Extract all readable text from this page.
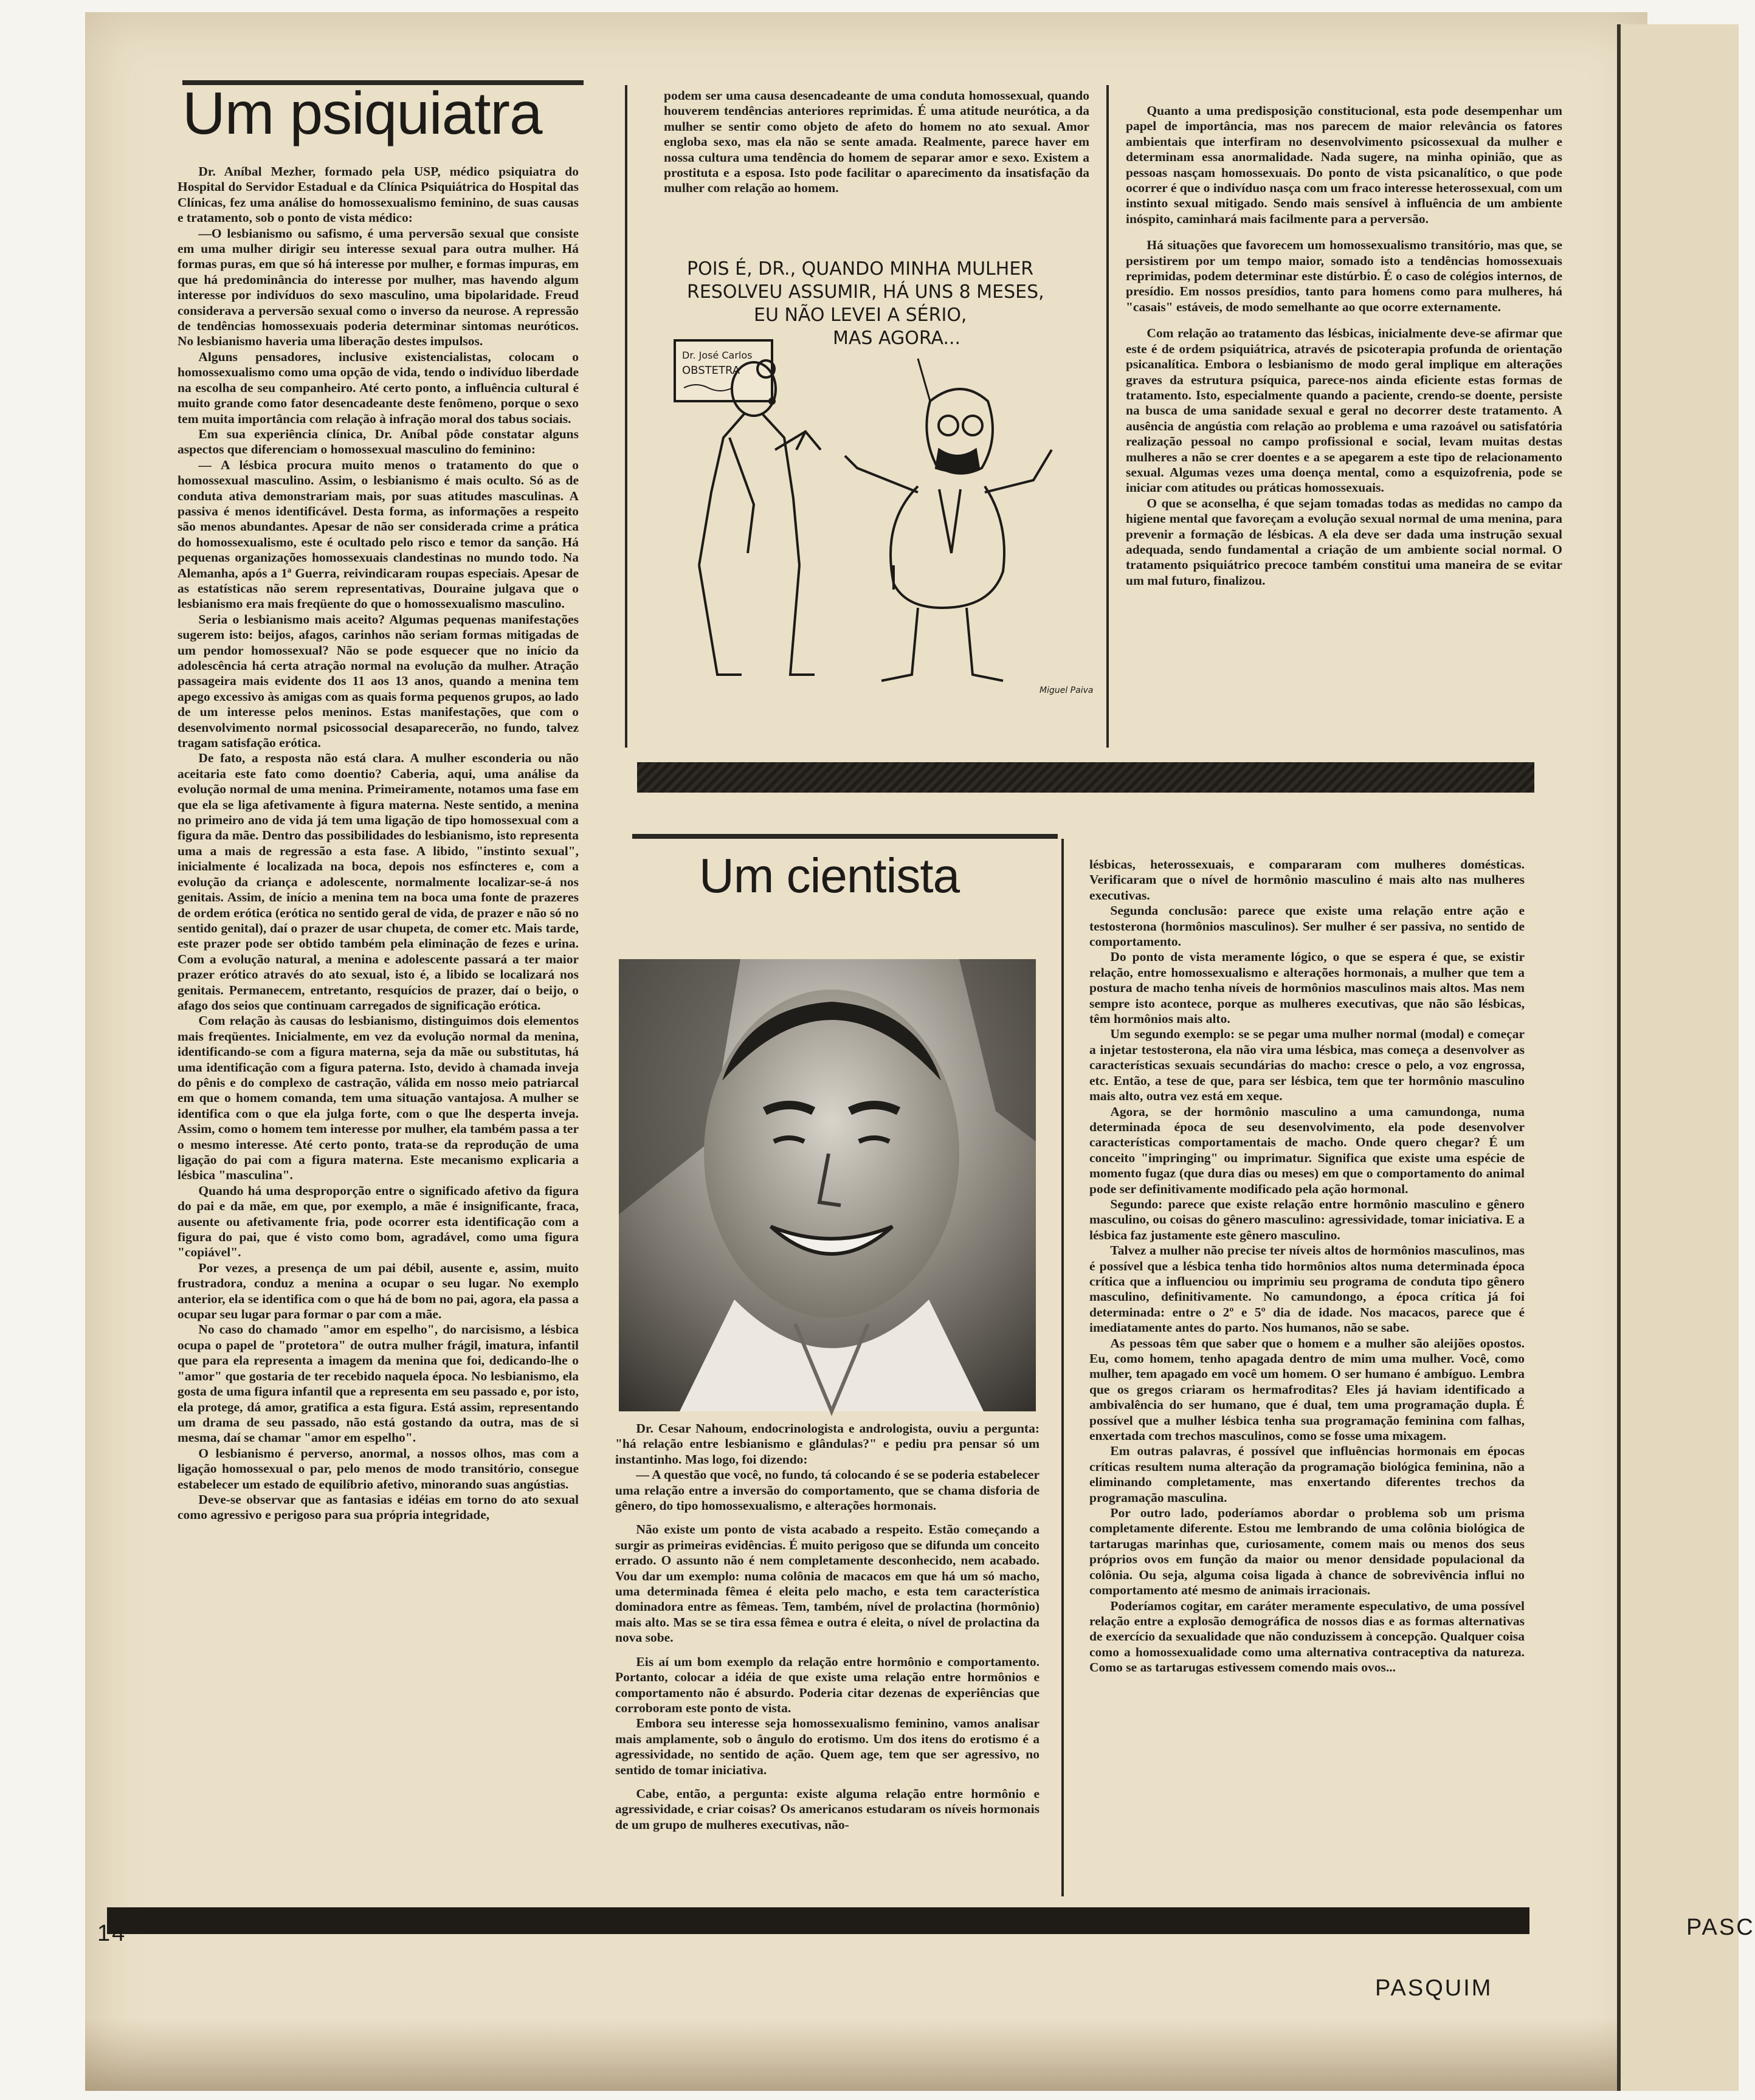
Um psiquiatra

Dr. Aníbal Mezher, formado pela USP, médico psiquiatra do Hospital do Servidor Estadual e da Clínica Psiquiátrica do Hospital das Clínicas, fez uma análise do homossexualismo feminino, de suas causas e tratamento, sob o ponto de vista médico:

—O lesbianismo ou safismo, é uma perversão sexual que consiste em uma mulher dirigir seu interesse sexual para outra mulher. Há formas puras, em que só há interesse por mulher, e formas impuras, em que há predominância do interesse por mulher, mas havendo algum interesse por indivíduos do sexo masculino, uma bipolaridade. Freud considerava a perversão sexual como o inverso da neurose. A repressão de tendências homossexuais poderia determinar sintomas neuróticos. No lesbianismo haveria uma liberação destes impulsos.

Alguns pensadores, inclusive existencialistas, colocam o homossexualismo como uma opção de vida, tendo o indivíduo liberdade na escolha de seu companheiro. Até certo ponto, a influência cultural é muito grande como fator desencadeante deste fenômeno, porque o sexo tem muita importância com relação à infração moral dos tabus sociais.

Em sua experiência clínica, Dr. Aníbal pôde constatar alguns aspectos que diferenciam o homossexual masculino do feminino:

— A lésbica procura muito menos o tratamento do que o homossexual masculino. Assim, o lesbianismo é mais oculto. Só as de conduta ativa demonstrariam mais, por suas atitudes masculinas. A passiva é menos identificável. Desta forma, as informações a respeito são menos abundantes. Apesar de não ser considerada crime a prática do homossexualismo, este é ocultado pelo risco e temor da sanção. Há pequenas organizações homossexuais clandestinas no mundo todo. Na Alemanha, após a 1ª Guerra, reivindicaram roupas especiais. Apesar de as estatísticas não serem representativas, Douraine julgava que o lesbianismo era mais freqüente do que o homossexualismo masculino.

Seria o lesbianismo mais aceito? Algumas pequenas manifestações sugerem isto: beijos, afagos, carinhos não seriam formas mitigadas de um pendor homossexual? Não se pode esquecer que no início da adolescência há certa atração normal na evolução da mulher. Atração passageira mais evidente dos 11 aos 13 anos, quando a menina tem apego excessivo às amigas com as quais forma pequenos grupos, ao lado de um interesse pelos meninos. Estas manifestações, que com o desenvolvimento normal psicossocial desaparecerão, no fundo, talvez tragam satisfação erótica.

De fato, a resposta não está clara. A mulher esconderia ou não aceitaria este fato como doentio? Caberia, aqui, uma análise da evolução normal de uma menina. Primeiramente, notamos uma fase em que ela se liga afetivamente à figura materna. Neste sentido, a menina no primeiro ano de vida já tem uma ligação de tipo homossexual com a figura da mãe. Dentro das possibilidades do lesbianismo, isto representa uma a mais de regressão a esta fase. A libido, "instinto sexual", inicialmente é localizada na boca, depois nos esfíncteres e, com a evolução da criança e adolescente, normalmente localizar-se-á nos genitais. Assim, de início a menina tem na boca uma fonte de prazeres de ordem erótica (erótica no sentido geral de vida, de prazer e não só no sentido genital), daí o prazer de usar chupeta, de comer etc. Mais tarde, este prazer pode ser obtido também pela eliminação de fezes e urina. Com a evolução natural, a menina e adolescente passará a ter maior prazer erótico através do ato sexual, isto é, a libido se localizará nos genitais. Permanecem, entretanto, resquícios de prazer, daí o beijo, o afago dos seios que continuam carregados de significação erótica.

Com relação às causas do lesbianismo, distinguimos dois elementos mais freqüentes. Inicialmente, em vez da evolução normal da menina, identificando-se com a figura materna, seja da mãe ou substitutas, há uma identificação com a figura paterna. Isto, devido à chamada inveja do pênis e do complexo de castração, válida em nosso meio patriarcal em que o homem comanda, tem uma situação vantajosa. A mulher se identifica com o que ela julga forte, com o que lhe desperta inveja. Assim, como o homem tem interesse por mulher, ela também passa a ter o mesmo interesse. Até certo ponto, trata-se da reprodução de uma ligação do pai com a figura materna. Este mecanismo explicaria a lésbica "masculina".

Quando há uma desproporção entre o significado afetivo da figura do pai e da mãe, em que, por exemplo, a mãe é insignificante, fraca, ausente ou afetivamente fria, pode ocorrer esta identificação com a figura do pai, que é visto como bom, agradável, como uma figura "copiável".

Por vezes, a presença de um pai débil, ausente e, assim, muito frustradora, conduz a menina a ocupar o seu lugar. No exemplo anterior, ela se identifica com o que há de bom no pai, agora, ela passa a ocupar seu lugar para formar o par com a mãe.

No caso do chamado "amor em espelho", do narcisismo, a lésbica ocupa o papel de "protetora" de outra mulher frágil, imatura, infantil que para ela representa a imagem da menina que foi, dedicando-lhe o "amor" que gostaria de ter recebido naquela época. No lesbianismo, ela gosta de uma figura infantil que a representa em seu passado e, por isto, ela protege, dá amor, gratifica a esta figura. Está assim, representando um drama de seu passado, não está gostando da outra, mas de si mesma, daí se chamar "amor em espelho".

O lesbianismo é perverso, anormal, a nossos olhos, mas com a ligação homossexual o par, pelo menos de modo transitório, consegue estabelecer um estado de equilíbrio afetivo, minorando suas angústias.

Deve-se observar que as fantasias e idéias em torno do ato sexual como agressivo e perigoso para sua própria integridade,

podem ser uma causa desencadeante de uma conduta homossexual, quando houverem tendências anteriores reprimidas. É uma atitude neurótica, a da mulher se sentir como objeto de afeto do homem no ato sexual. Amor engloba sexo, mas ela não se sente amada. Realmente, parece haver em nossa cultura uma tendência do homem de separar amor e sexo. Existem a prostituta e a esposa. Isto pode facilitar o aparecimento da insatisfação da mulher com relação ao homem.

POIS É, DR., QUANDO MINHA MULHER
RESOLVEU ASSUMIR, HÁ UNS 8 MESES,
EU NÃO LEVEI A SÉRIO,
MAS AGORA...
Dr. José Carlos
OBSTETRA
Miguel Paiva

Quanto a uma predisposição constitucional, esta pode desempenhar um papel de importância, mas nos parecem de maior relevância os fatores ambientais que interfiram no desenvolvimento psicossexual da mulher e determinam essa anormalidade. Nada sugere, na minha opinião, que as pessoas nasçam homossexuais. Do ponto de vista psicanalítico, o que pode ocorrer é que o indivíduo nasça com um fraco interesse heterossexual, com um instinto sexual mitigado. Sendo mais sensível à influência de um ambiente inóspito, caminhará mais facilmente para a perversão.

Há situações que favorecem um homossexualismo transitório, mas que, se persistirem por um tempo maior, somado isto a tendências homossexuais reprimidas, podem determinar este distúrbio. É o caso de colégios internos, de presídio. Em nossos presídios, tanto para homens como para mulheres, há "casais" estáveis, de modo semelhante ao que ocorre externamente.

Com relação ao tratamento das lésbicas, inicialmente deve-se afirmar que este é de ordem psiquiátrica, através de psicoterapia profunda de orientação psicanalítica. Embora o lesbianismo de modo geral implique em alterações graves da estrutura psíquica, parece-nos ainda eficiente estas formas de tratamento. Isto, especialmente quando a paciente, crendo-se doente, persiste na busca de uma sanidade sexual e geral no decorrer deste tratamento. A ausência de angústia com relação ao problema e uma razoável ou satisfatória realização pessoal no campo profissional e social, levam muitas destas mulheres a não se crer doentes e a se apegarem a este tipo de relacionamento sexual. Algumas vezes uma doença mental, como a esquizofrenia, pode se iniciar com atitudes ou práticas homossexuais.

O que se aconselha, é que sejam tomadas todas as medidas no campo da higiene mental que favoreçam a evolução sexual normal de uma menina, para prevenir a formação de lésbicas. A ela deve ser dada uma instrução sexual adequada, sendo fundamental a criação de um ambiente social normal. O tratamento psiquiátrico precoce também constitui uma maneira de se evitar um mal futuro, finalizou.

Um cientista

Dr. Cesar Nahoum, endocrinologista e andrologista, ouviu a pergunta: "há relação entre lesbianismo e glândulas?" e pediu pra pensar só um instantinho. Mas logo, foi dizendo:

— A questão que você, no fundo, tá colocando é se se poderia estabelecer uma relação entre a inversão do comportamento, que se chama disforia de gênero, do tipo homossexualismo, e alterações hormonais.

Não existe um ponto de vista acabado a respeito. Estão começando a surgir as primeiras evidências. É muito perigoso que se difunda um conceito errado. O assunto não é nem completamente desconhecido, nem acabado. Vou dar um exemplo: numa colônia de macacos em que há um só macho, uma determinada fêmea é eleita pelo macho, e esta tem característica dominadora entre as fêmeas. Tem, também, nível de prolactina (hormônio) mais alto. Mas se se tira essa fêmea e outra é eleita, o nível de prolactina da nova sobe.

Eis aí um bom exemplo da relação entre hormônio e comportamento. Portanto, colocar a idéia de que existe uma relação entre hormônios e comportamento não é absurdo. Poderia citar dezenas de experiências que corroboram este ponto de vista.

Embora seu interesse seja homossexualismo feminino, vamos analisar mais amplamente, sob o ângulo do erotismo. Um dos itens do erotismo é a agressividade, no sentido de ação. Quem age, tem que ser agressivo, no sentido de tomar iniciativa.

Cabe, então, a pergunta: existe alguma relação entre hormônio e agressividade, e criar coisas? Os americanos estudaram os níveis hormonais de um grupo de mulheres executivas, não-

lésbicas, heterossexuais, e compararam com mulheres domésticas. Verificaram que o nível de hormônio masculino é mais alto nas mulheres executivas.

Segunda conclusão: parece que existe uma relação entre ação e testosterona (hormônios masculinos). Ser mulher é ser passiva, no sentido de comportamento.

Do ponto de vista meramente lógico, o que se espera é que, se existir relação, entre homossexualismo e alterações hormonais, a mulher que tem a postura de macho tenha níveis de hormônios masculinos mais altos. Mas nem sempre isto acontece, porque as mulheres executivas, que não são lésbicas, têm hormônios mais alto.

Um segundo exemplo: se se pegar uma mulher normal (modal) e começar a injetar testosterona, ela não vira uma lésbica, mas começa a desenvolver as características sexuais secundárias do macho: cresce o pelo, a voz engrossa, etc. Então, a tese de que, para ser lésbica, tem que ter hormônio masculino mais alto, outra vez está em xeque.

Agora, se der hormônio masculino a uma camundonga, numa determinada época de seu desenvolvimento, ela pode desenvolver características comportamentais de macho. Onde quero chegar? É um conceito "impringing" ou imprimatur. Significa que existe uma espécie de momento fugaz (que dura dias ou meses) em que o comportamento do animal pode ser definitivamente modificado pela ação hormonal.

Segundo: parece que existe relação entre hormônio masculino e gênero masculino, ou coisas do gênero masculino: agressividade, tomar iniciativa. E a lésbica faz justamente este gênero masculino.

Talvez a mulher não precise ter níveis altos de hormônios masculinos, mas é possível que a lésbica tenha tido hormônios altos numa determinada época crítica que a influenciou ou imprimiu seu programa de conduta tipo gênero masculino, definitivamente. No camundongo, a época crítica já foi determinada: entre o 2º e 5º dia de idade. Nos macacos, parece que é imediatamente antes do parto. Nos humanos, não se sabe.

As pessoas têm que saber que o homem e a mulher são aleijões opostos. Eu, como homem, tenho apagada dentro de mim uma mulher. Você, como mulher, tem apagado em você um homem. O ser humano é ambíguo. Lembra que os gregos criaram os hermafroditas? Eles já haviam identificado a ambivalência do ser humano, que é dual, tem uma programação dupla. É possível que a mulher lésbica tenha sua programação feminina com falhas, enxertada com trechos masculinos, como se fosse uma mixagem.

Em outras palavras, é possível que influências hormonais em épocas críticas resultem numa alteração da programação biológica feminina, não a eliminando completamente, mas enxertando diferentes trechos da programação masculina.

Por outro lado, poderíamos abordar o problema sob um prisma completamente diferente. Estou me lembrando de uma colônia biológica de tartarugas marinhas que, curiosamente, comem mais ou menos dos seus próprios ovos em função da maior ou menor densidade populacional da colônia. Ou seja, alguma coisa ligada à chance de sobrevivência influi no comportamento até mesmo de animais irracionais.

Poderíamos cogitar, em caráter meramente especulativo, de uma possível relação entre a explosão demográfica de nossos dias e as formas alternativas de exercício da sexualidade que não conduzissem à concepção. Qualquer coisa como a homossexualidade como uma alternativa contraceptiva da natureza. Como se as tartarugas estivessem comendo mais ovos...

14
PASQUIM
PASC
